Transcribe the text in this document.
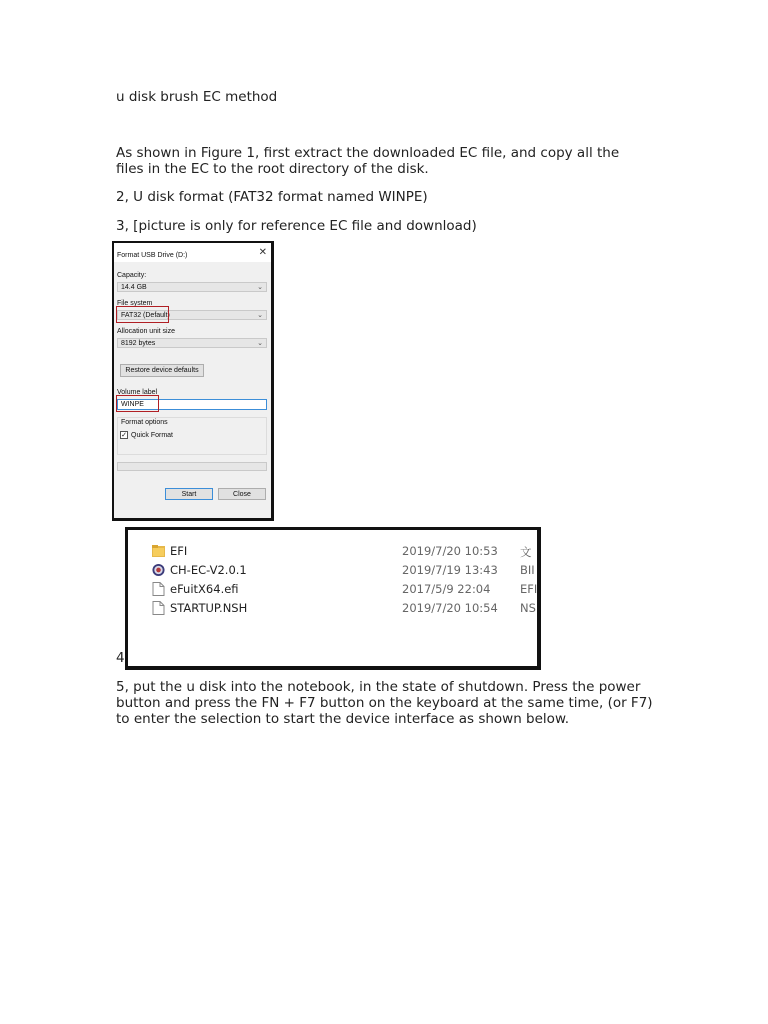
u disk brush EC method
As shown in Figure 1, first extract the downloaded EC file, and copy all the files in the EC to the root directory of the disk.
2, U disk format (FAT32 format named WINPE)
3, [picture is only for reference EC file and download)
Format USB Drive (D:)	✕
Capacity:
14.4 GB	⌄
File system
FAT32 (Default)	⌄
Allocation unit size
8192 bytes	⌄
Restore device defaults
Volume label
WINPE
Format options
✓ Quick Format
Start	Close
EFI	2019/7/20 10:53 文
CH-EC-V2.0.1	2019/7/19 13:43 BII
eFuitX64.efi	2017/5/9 22:04	EFI
STARTUP.NSH	2019/7/20 10:54 NS
4
5, put the u disk into the notebook, in the state of shutdown. Press the power button and press the FN + F7 button on the keyboard at the same time, (or F7) to enter the selection to start the device interface as shown below.
